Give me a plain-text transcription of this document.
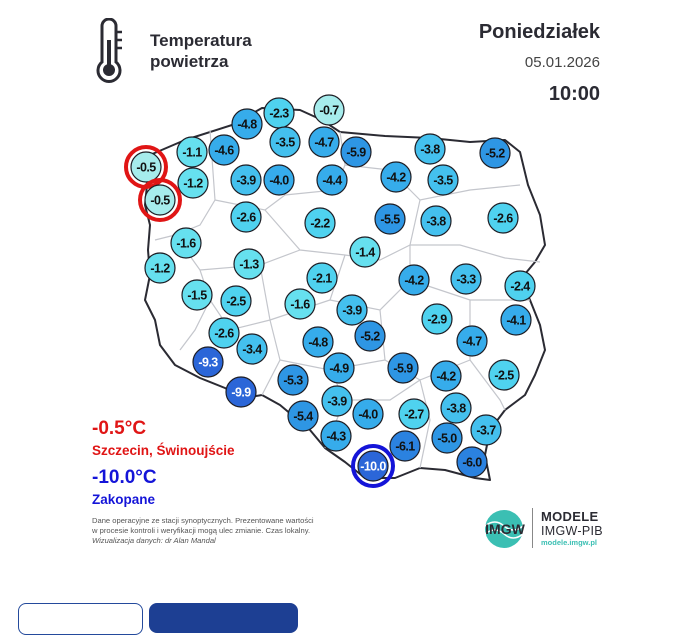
Temperatura
powietrza
Poniedziałek
05.01.2026
10:00
-2.3 -0.7
-4.8
-3.5 -4.7
-5.9
-1.1 -4.6	-3.8	-5.2
-0.5
-1.2	-3.9 -4.0	-4.4	-4.2 -3.5
-0.5
-2.6	-2.2	-5.5 -3.8	-2.6
-1.6
-1.4
-1.2	-1.3
-2.1	-4.2	-3.3	-2.4
-1.5 -2.5	-1.6	-3.9
-2.9	-4.1
-5.2
-2.6
-4.8	-4.7
-3.4
-9.3	-4.9	-5.9
-5.3	-4.2	-2.5
-9.9
-3.9	-3.8
-5.4	-4.0 -2.7
-3.7
-4.3	-5.0
-6.1
-6.0
-10.0
-0.5°C
Szczecin, Świnoujście
-10.0°C
Zakopane
Dane operacyjne ze stacji synoptycznych. Prezentowane wartości
w procesie kontroli i weryfikacji mogą ulec zmianie. Czas lokalny.
Wizualizacja danych: dr Alan Mandal
IMGW
MODELE
IMGW-PIB
modele.imgw.pl
